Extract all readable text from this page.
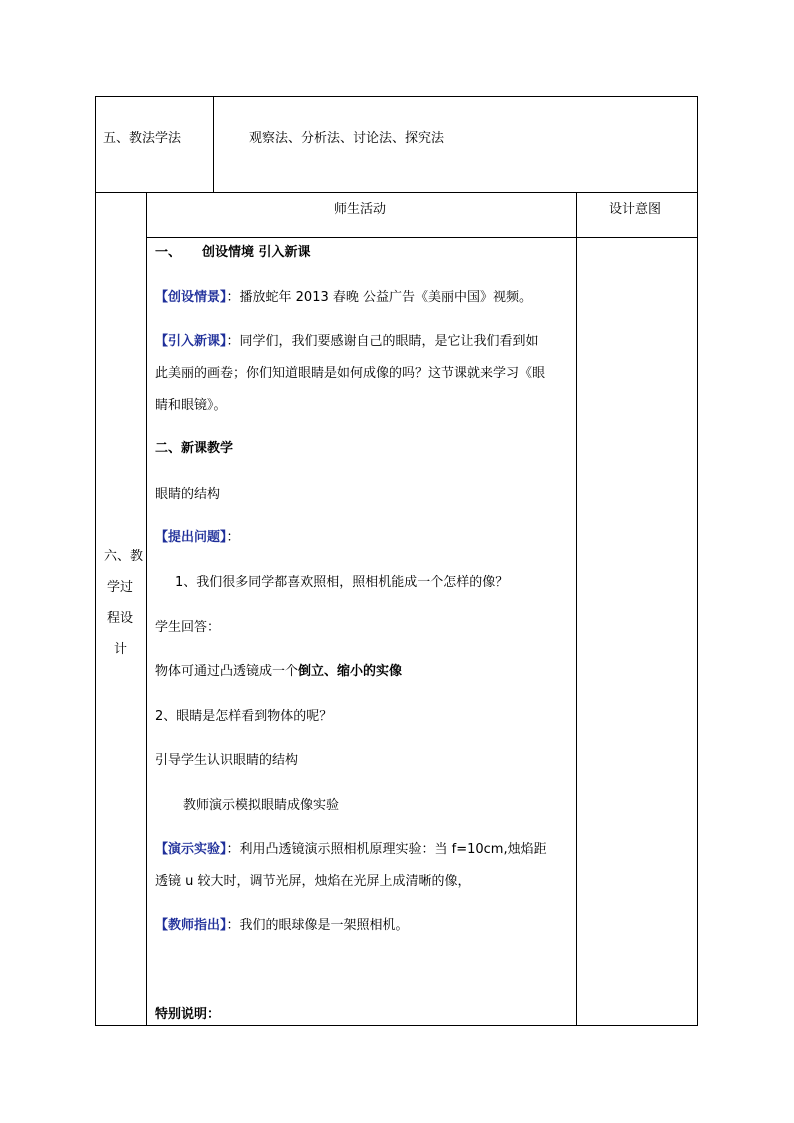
五、教法学法	观察法、分析法、讨论法、探究法
六、教
学过
程设
计
师生活动	设计意图
一、 创设情境 引入新课
【创设情景】：播放蛇年 2013 春晚 公益广告《美丽中国》视频。
【引入新课】：同学们，我们要感谢自己的眼睛，是它让我们看到如
此美丽的画卷；你们知道眼睛是如何成像的吗？这节课就来学习《眼
睛和眼镜》。
二、新课教学
眼睛的结构
【提出问题】：
1、我们很多同学都喜欢照相，照相机能成一个怎样的像？
学生回答：
物体可通过凸透镜成一个倒立、缩小的实像
2、眼睛是怎样看到物体的呢？
引导学生认识眼睛的结构
教师演示模拟眼睛成像实验
【演示实验】：利用凸透镜演示照相机原理实验：当 f=10cm,烛焰距
透镜 u 较大时，调节光屏，烛焰在光屏上成清晰的像，
【教师指出】：我们的眼球像是一架照相机。
特别说明：
